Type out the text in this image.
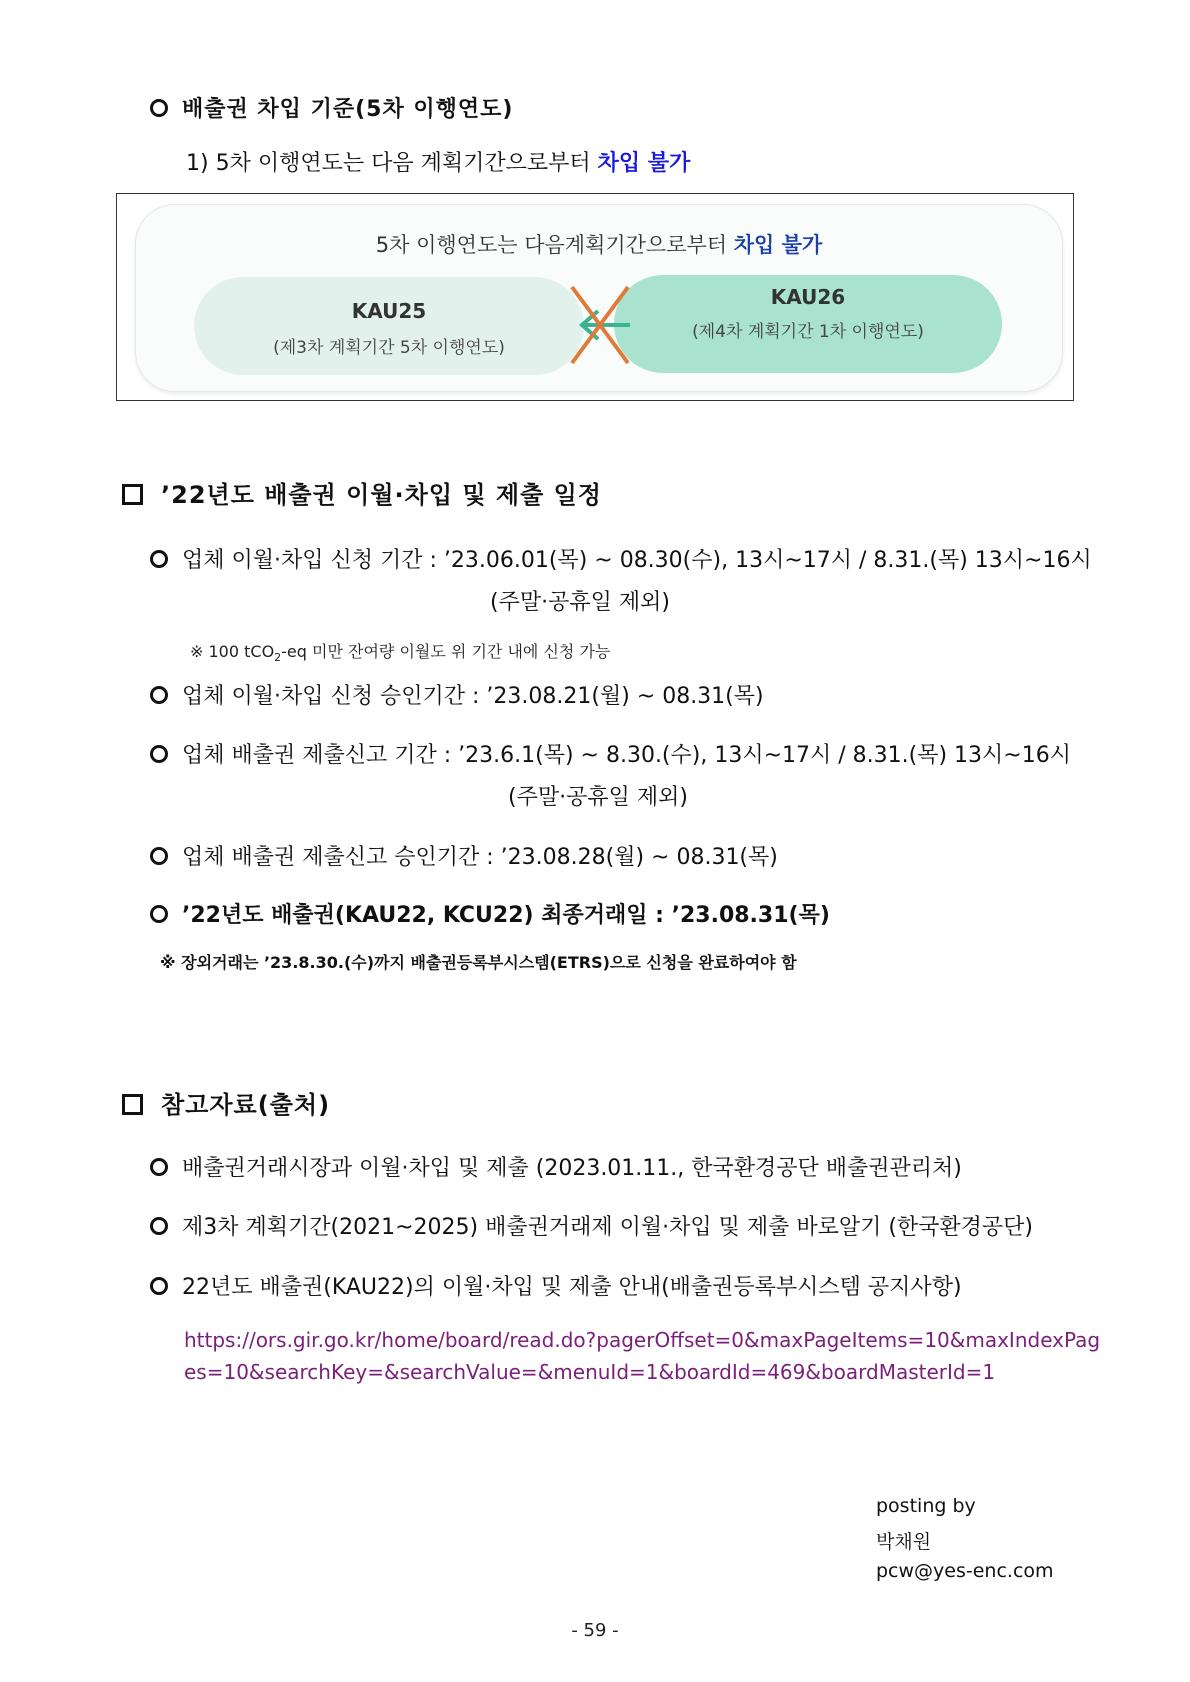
배출권 차입 기준(5차 이행연도)
1) 5차 이행연도는 다음 계획기간으로부터 차입 불가
5차 이행연도는 다음계획기간으로부터 차입 불가
KAU25
(제3차 계획기간 5차 이행연도)
KAU26
(제4차 계획기간 1차 이행연도)
’22년도 배출권 이월·차입 및 제출 일정
업체 이월·차입 신청 기간 : ’23.06.01(목) ~ 08.30(수), 13시~17시 / 8.31.(목) 13시~16시
(주말·공휴일 제외)
※ 100 tCO$_2$-eq 미만 잔여량 이월도 위 기간 내에 신청 가능
업체 이월·차입 신청 승인기간 : ’23.08.21(월) ~ 08.31(목)
업체 배출권 제출신고 기간 : ’23.6.1(목) ~ 8.30.(수), 13시~17시 / 8.31.(목) 13시~16시
(주말·공휴일 제외)
업체 배출권 제출신고 승인기간 : ’23.08.28(월) ~ 08.31(목)
’22년도 배출권(KAU22, KCU22) 최종거래일 : ’23.08.31(목)
※ 장외거래는 ’23.8.30.(수)까지 배출권등록부시스템(ETRS)으로 신청을 완료하여야 함
참고자료(출처)
배출권거래시장과 이월·차입 및 제출 (2023.01.11., 한국환경공단 배출권관리처)
제3차 계획기간(2021~2025) 배출권거래제 이월·차입 및 제출 바로알기 (한국환경공단)
22년도 배출권(KAU22)의 이월·차입 및 제출 안내(배출권등록부시스템 공지사항)
https://ors.gir.go.kr/home/board/read.do?pagerOffset=0&maxPageItems=10&maxIndexPag
es=10&searchKey=&searchValue=&menuId=1&boardId=469&boardMasterId=1
posting by
박채원
pcw@yes-enc.com
- 59 -
